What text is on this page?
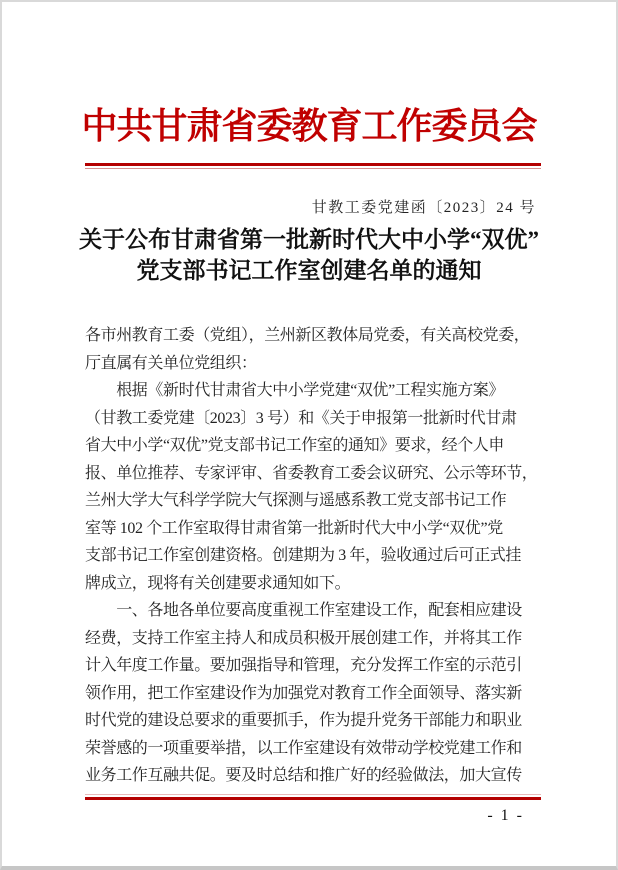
中共甘肃省委教育工作委员会
甘教工委党建函〔2023〕24 号
关于公布甘肃省第一批新时代大中小学“双优”
党支部书记工作室创建名单的通知
各市州教育工委（党组），兰州新区教体局党委，有关高校党委，
厅直属有关单位党组织：
　　根据《新时代甘肃省大中小学党建“双优”工程实施方案》
（甘教工委党建〔2023〕3 号）和《关于申报第一批新时代甘肃
省大中小学“双优”党支部书记工作室的通知》要求，经个人申
报、单位推荐、专家评审、省委教育工委会议研究、公示等环节，
兰州大学大气科学学院大气探测与遥感系教工党支部书记工作
室等 102 个工作室取得甘肃省第一批新时代大中小学“双优”党
支部书记工作室创建资格。创建期为 3 年，验收通过后可正式挂
牌成立，现将有关创建要求通知如下。
　　一、各地各单位要高度重视工作室建设工作，配套相应建设
经费，支持工作室主持人和成员积极开展创建工作，并将其工作
计入年度工作量。要加强指导和管理，充分发挥工作室的示范引
领作用，把工作室建设作为加强党对教育工作全面领导、落实新
时代党的建设总要求的重要抓手，作为提升党务干部能力和职业
荣誉感的一项重要举措，以工作室建设有效带动学校党建工作和
业务工作互融共促。要及时总结和推广好的经验做法，加大宣传
- 1 -
